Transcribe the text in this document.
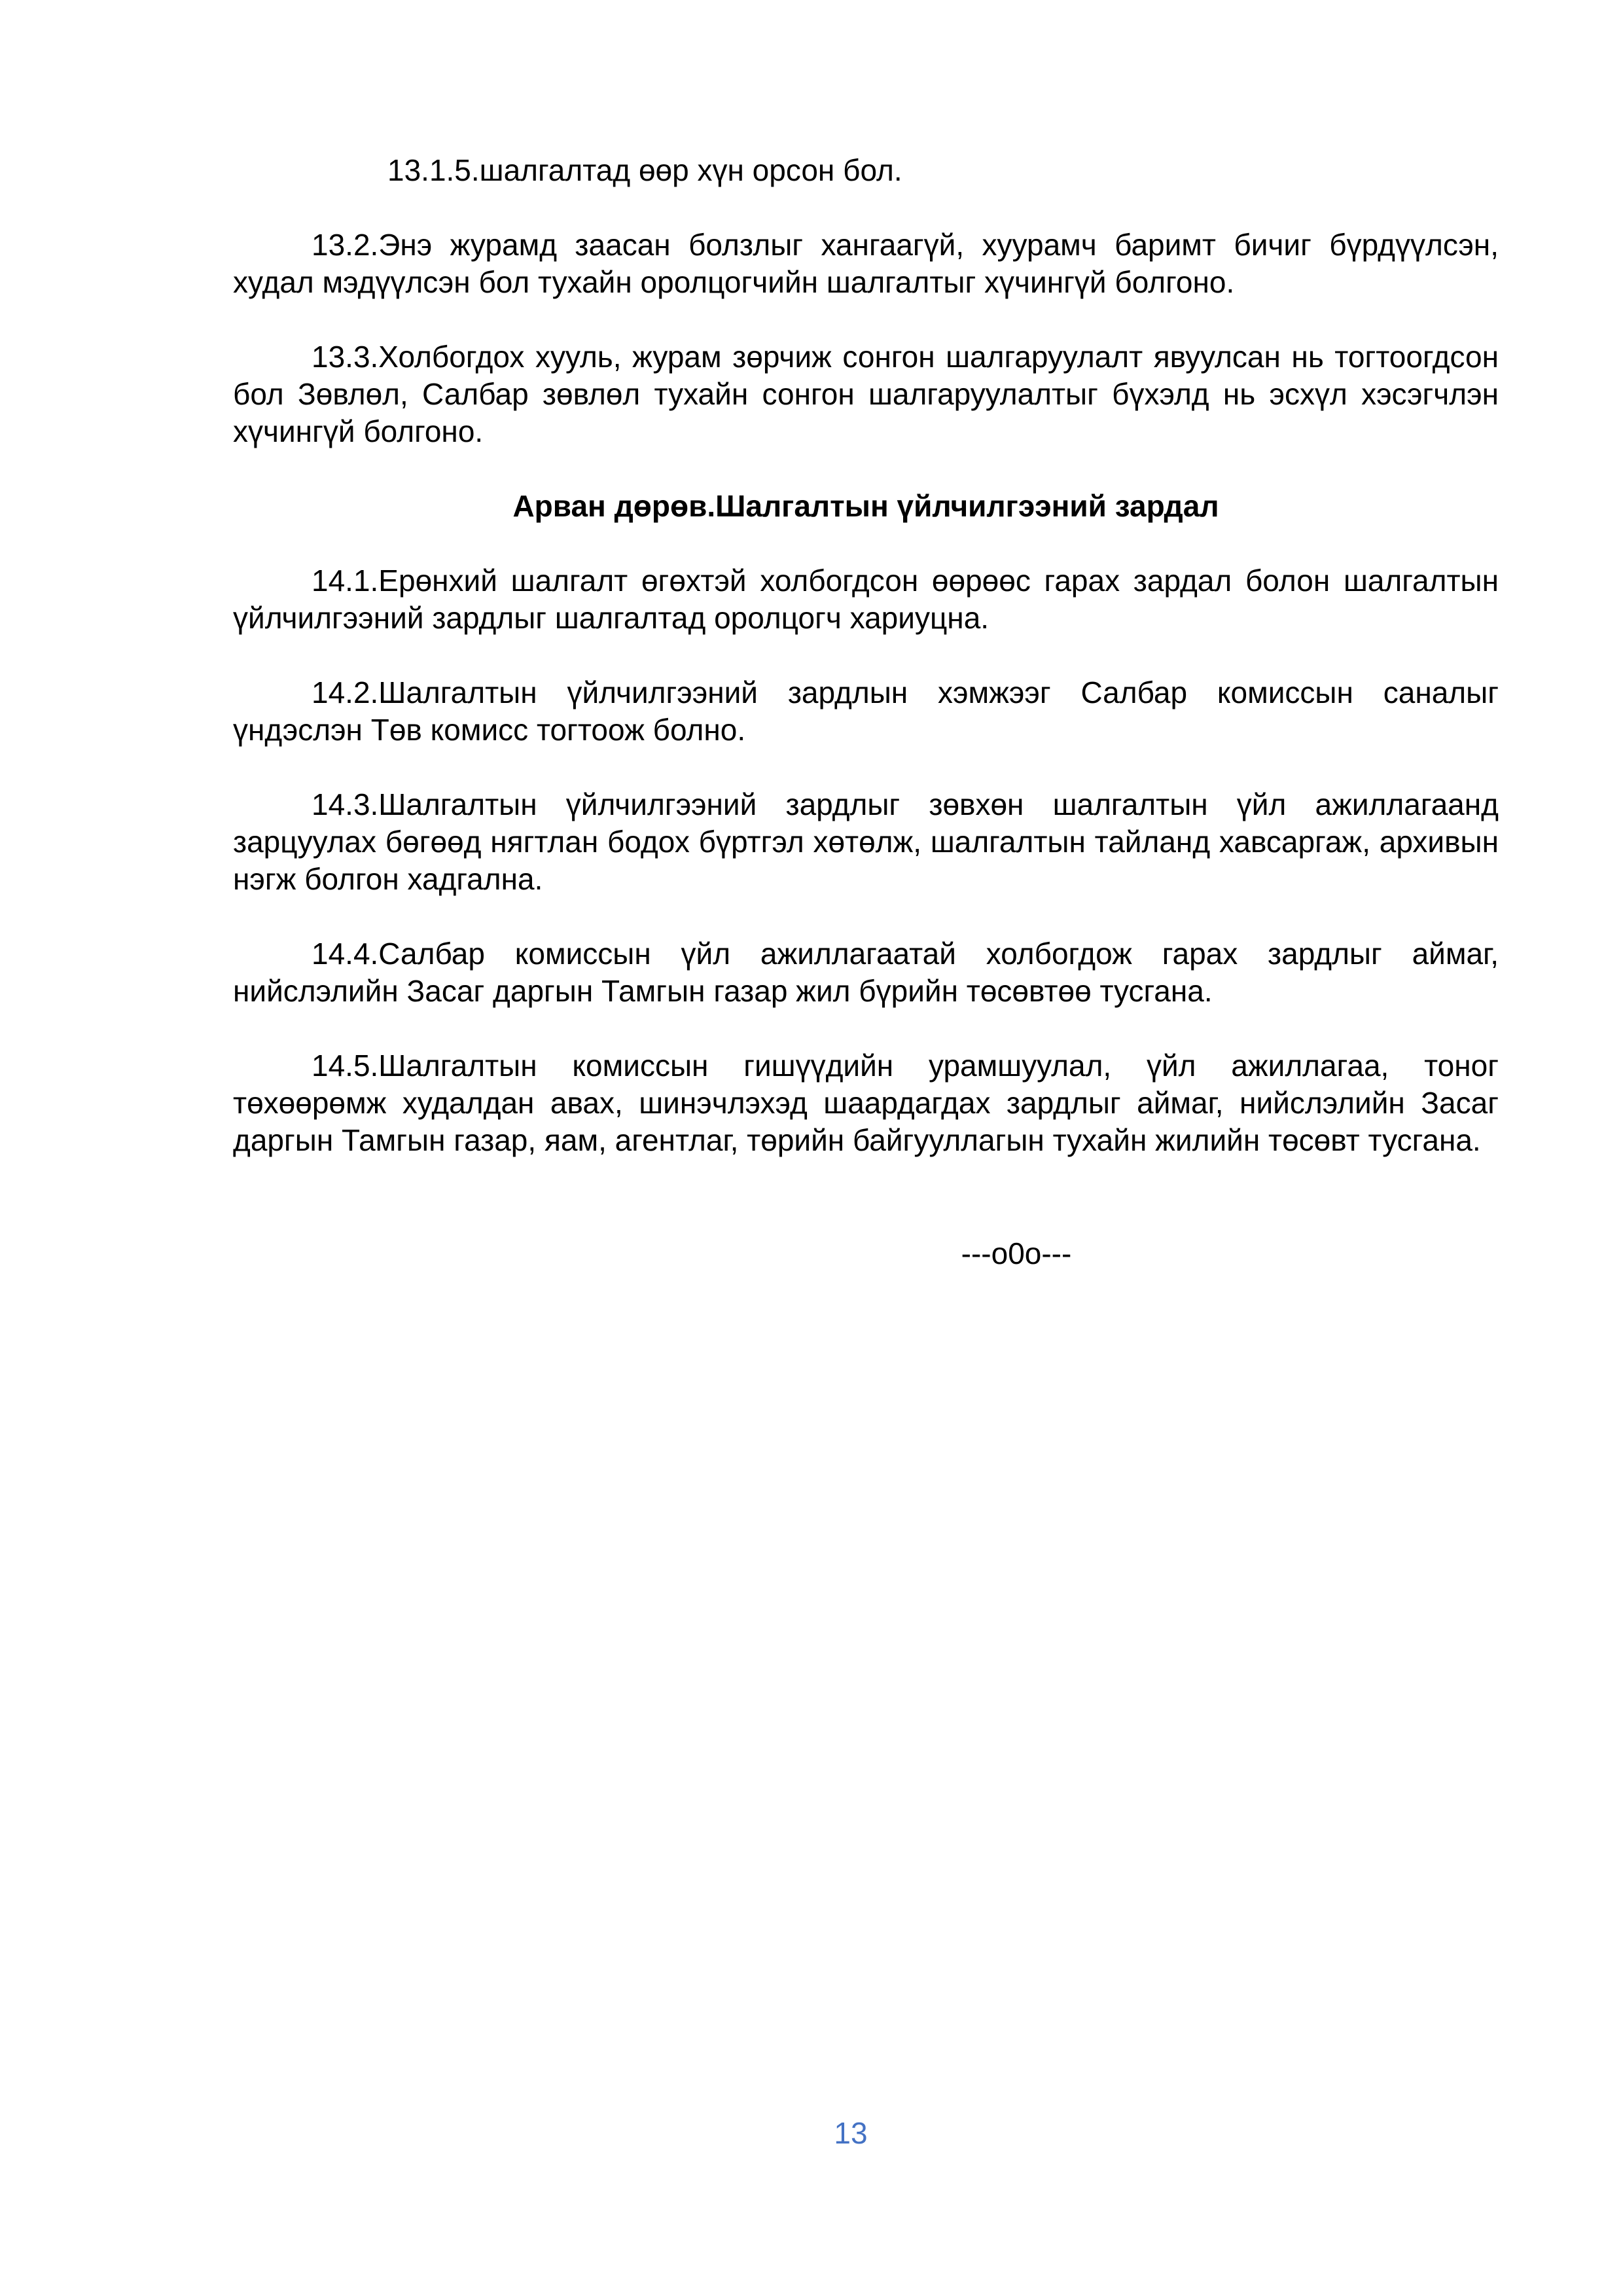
13.1.5.шалгалтад өөр хүн орсон бол.

13.2.Энэ журамд заасан болзлыг хангаагүй, хуурамч баримт бичиг бүрдүүлсэн, худал мэдүүлсэн бол тухайн оролцогчийн шалгалтыг хүчингүй болгоно.

13.3.Холбогдох хууль, журам зөрчиж сонгон шалгаруулалт явуулсан нь тогтоогдсон бол Зөвлөл, Салбар зөвлөл тухайн сонгон шалгаруулалтыг бүхэлд нь эсхүл хэсэгчлэн хүчингүй болгоно.

Арван дөрөв.Шалгалтын үйлчилгээний зардал

14.1.Ерөнхий шалгалт өгөхтэй холбогдсон өөрөөс гарах зардал болон шалгалтын үйлчилгээний зардлыг шалгалтад оролцогч хариуцна.

14.2.Шалгалтын үйлчилгээний зардлын хэмжээг Салбар комиссын саналыг үндэслэн Төв комисс тогтоож болно.

14.3.Шалгалтын үйлчилгээний зардлыг зөвхөн шалгалтын үйл ажиллагаанд зарцуулах бөгөөд нягтлан бодох бүртгэл хөтөлж, шалгалтын тайланд хавсаргаж, архивын нэгж болгон хадгална.

14.4.Салбар комиссын үйл ажиллагаатай холбогдож гарах зардлыг аймаг, нийслэлийн Засаг даргын Тамгын газар жил бүрийн төсөвтөө тусгана.

14.5.Шалгалтын комиссын гишүүдийн урамшуулал, үйл ажиллагаа, тоног төхөөрөмж худалдан авах, шинэчлэхэд шаардагдах зардлыг аймаг, нийслэлийн Засаг даргын Тамгын газар, яам, агентлаг, төрийн байгууллагын тухайн жилийн төсөвт тусгана.

---o0o---
13
